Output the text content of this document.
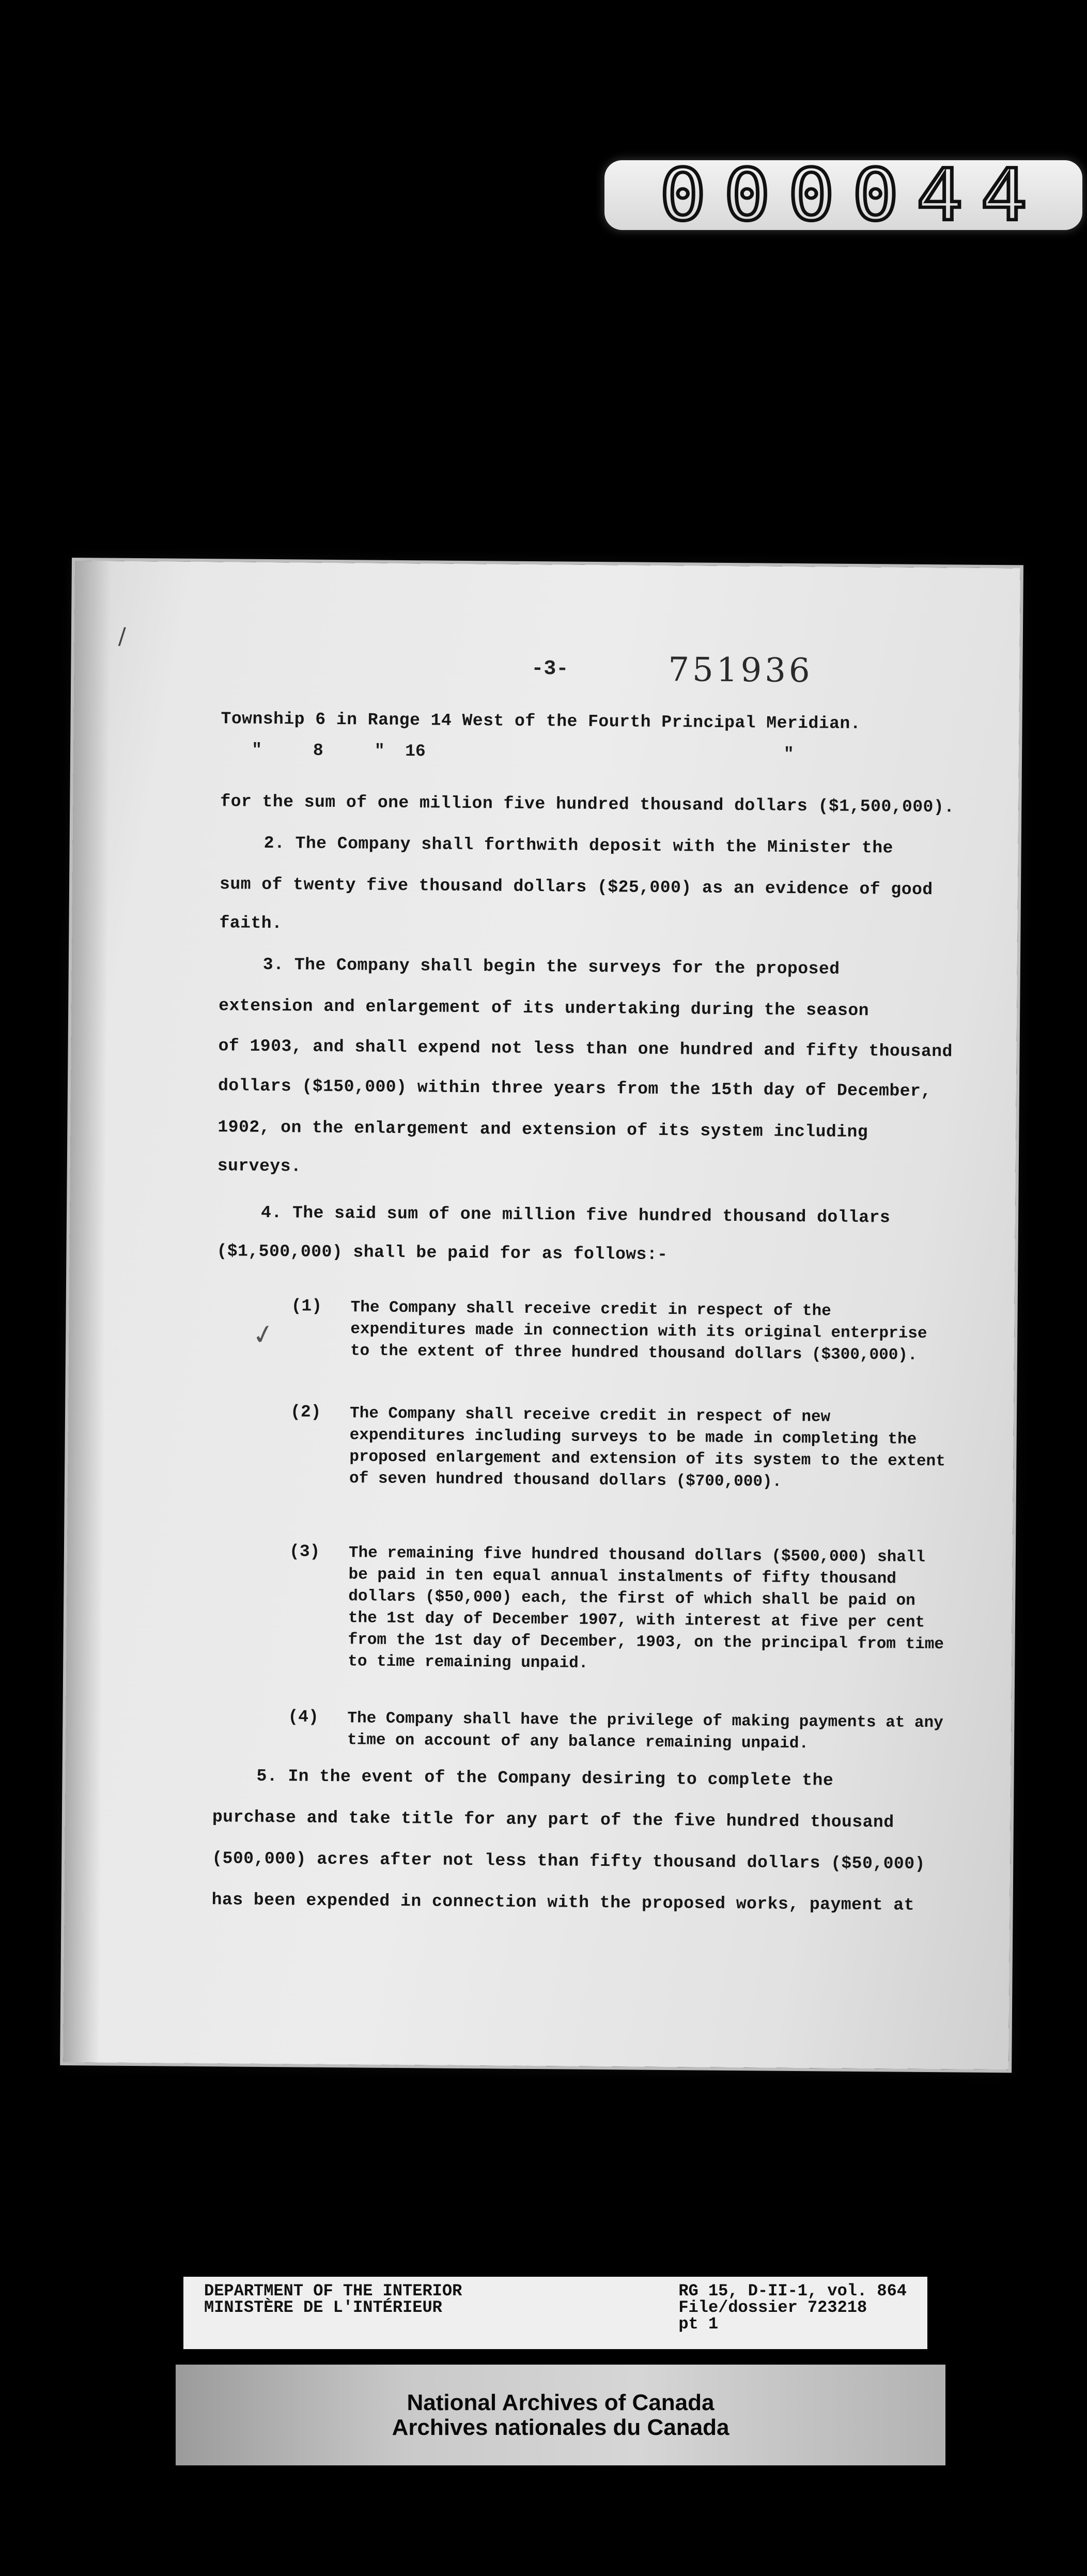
000044
/
-3-	751936
Township 6 in Range 14 West of the Fourth Principal Meridian.
"     8     "  16                                   "
for the sum of one million five hundred thousand dollars ($1,500,000).
2. The Company shall forthwith deposit with the Minister the
sum of twenty five thousand dollars ($25,000) as an evidence of good
faith.
3. The Company shall begin the surveys for the proposed
extension and enlargement of its undertaking during the season
of 1903, and shall expend not less than one hundred and fifty thousand
dollars ($150,000) within three years from the 15th day of December,
1902, on the enlargement and extension of its system including
surveys.
4. The said sum of one million five hundred thousand dollars
($1,500,000) shall be paid for as follows:-
✓
(1) The Company shall receive credit in respect of the expenditures made in connection with its original enterprise to the extent of three hundred thousand dollars ($300,000).
(2) The Company shall receive credit in respect of new expenditures including surveys to be made in completing the proposed enlargement and extension of its system to the extent of seven hundred thousand dollars ($700,000).
(3) The remaining five hundred thousand dollars ($500,000) shall be paid in ten equal annual instalments of fifty thousand dollars ($50,000) each, the first of which shall be paid on the 1st day of December 1907, with interest at five per cent from the 1st day of December, 1903, on the principal from time to time remaining unpaid.
(4) The Company shall have the privilege of making payments at any time on account of any balance remaining unpaid.
5. In the event of the Company desiring to complete the
purchase and take title for any part of the five hundred thousand
(500,000) acres after not less than fifty thousand dollars ($50,000)
has been expended in connection with the proposed works, payment at
DEPARTMENT OF THE INTERIOR
MINISTÈRE DE L'INTÉRIEUR
RG 15, D-II-1, vol. 864
File/dossier 723218
pt 1
National Archives of Canada
Archives nationales du Canada
